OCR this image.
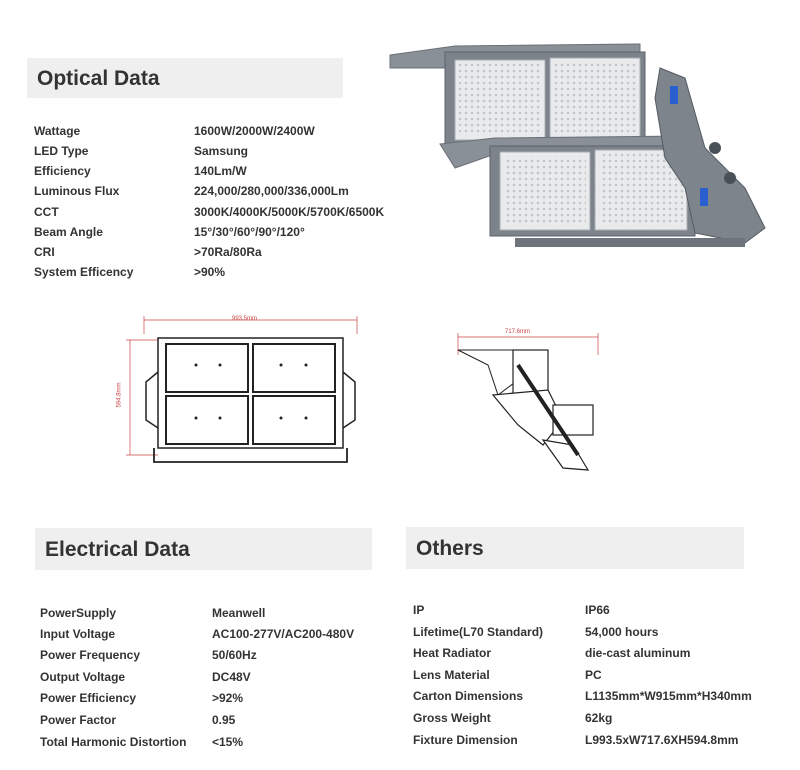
Optical Data
Wattage	1600W/2000W/2400W
LED Type	Samsung
Efficiency	140Lm/W
Luminous Flux	224,000/280,000/336,000Lm
CCT	3000K/4000K/5000K/5700K/6500K
Beam Angle	15°/30°/60°/90°/120°
CRI	>70Ra/80Ra
System Efficency	>90%
993.5mm
594.8mm
717.6mm
Electrical Data	Others
PowerSupply	Meanwell
Input Voltage	AC100-277V/AC200-480V
Power Frequency	50/60Hz
Output Voltage	DC48V
Power Efficiency	>92%
Power Factor	0.95
Total Harmonic Distortion <15%
IP	IP66
Lifetime(L70 Standard)	54,000 hours
Heat Radiator	die-cast aluminum
Lens Material	PC
Carton Dimensions	L1135mm*W915mm*H340mm
Gross Weight	62kg
Fixture Dimension	L993.5xW717.6XH594.8mm
